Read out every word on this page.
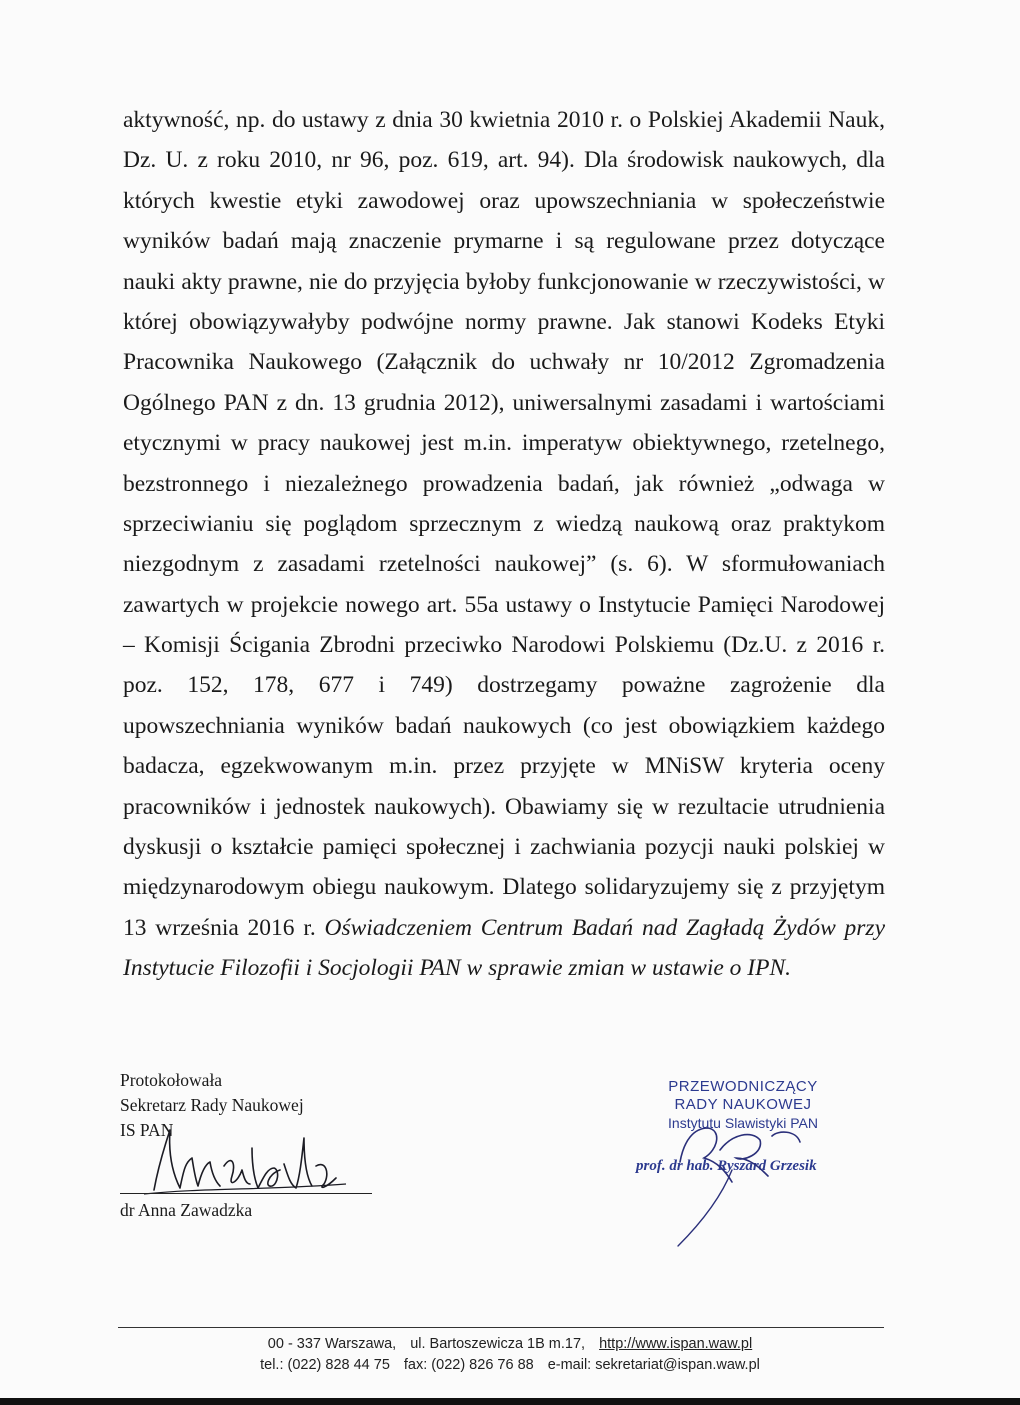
aktywność, np. do ustawy z dnia 30 kwietnia 2010 r. o Polskiej Akademii Nauk,
Dz. U. z roku 2010, nr 96, poz. 619, art. 94). Dla środowisk naukowych, dla
których kwestie etyki zawodowej oraz upowszechniania w społeczeństwie
wyników badań mają znaczenie prymarne i są regulowane przez dotyczące
nauki akty prawne, nie do przyjęcia byłoby funkcjonowanie w rzeczywistości, w
której obowiązywałyby podwójne normy prawne. Jak stanowi Kodeks Etyki
Pracownika Naukowego (Załącznik do uchwały nr 10/2012 Zgromadzenia
Ogólnego PAN z dn. 13 grudnia 2012), uniwersalnymi zasadami i wartościami
etycznymi w pracy naukowej jest m.in. imperatyw obiektywnego, rzetelnego,
bezstronnego i niezależnego prowadzenia badań, jak również „odwaga w
sprzeciwianiu się poglądom sprzecznym z wiedzą naukową oraz praktykom
niezgodnym z zasadami rzetelności naukowej” (s. 6). W sformułowaniach
zawartych w projekcie nowego art. 55a ustawy o Instytucie Pamięci Narodowej
– Komisji Ścigania Zbrodni przeciwko Narodowi Polskiemu (Dz.U. z 2016 r.
poz. 152, 178, 677 i 749) dostrzegamy poważne zagrożenie dla
upowszechniania wyników badań naukowych (co jest obowiązkiem każdego
badacza, egzekwowanym m.in. przez przyjęte w MNiSW kryteria oceny
pracowników i jednostek naukowych). Obawiamy się w rezultacie utrudnienia
dyskusji o kształcie pamięci społecznej i zachwiania pozycji nauki polskiej w
międzynarodowym obiegu naukowym. Dlatego solidaryzujemy się z przyjętym
13 września 2016 r. Oświadczeniem Centrum Badań nad Zagładą Żydów przy
Instytucie Filozofii i Socjologii PAN w sprawie zmian w ustawie o IPN.
Protokołowała
Sekretarz Rady Naukowej
IS PAN
dr Anna Zawadzka
PRZEWODNICZĄCY
RADY NAUKOWEJ
Instytutu Slawistyki PAN
prof. dr hab. Ryszard Grzesik
00 - 337 Warszawa, ul. Bartoszewicza 1B m.17, http://www.ispan.waw.pl
tel.: (022) 828 44 75 fax: (022) 826 76 88 e-mail: sekretariat@ispan.waw.pl
